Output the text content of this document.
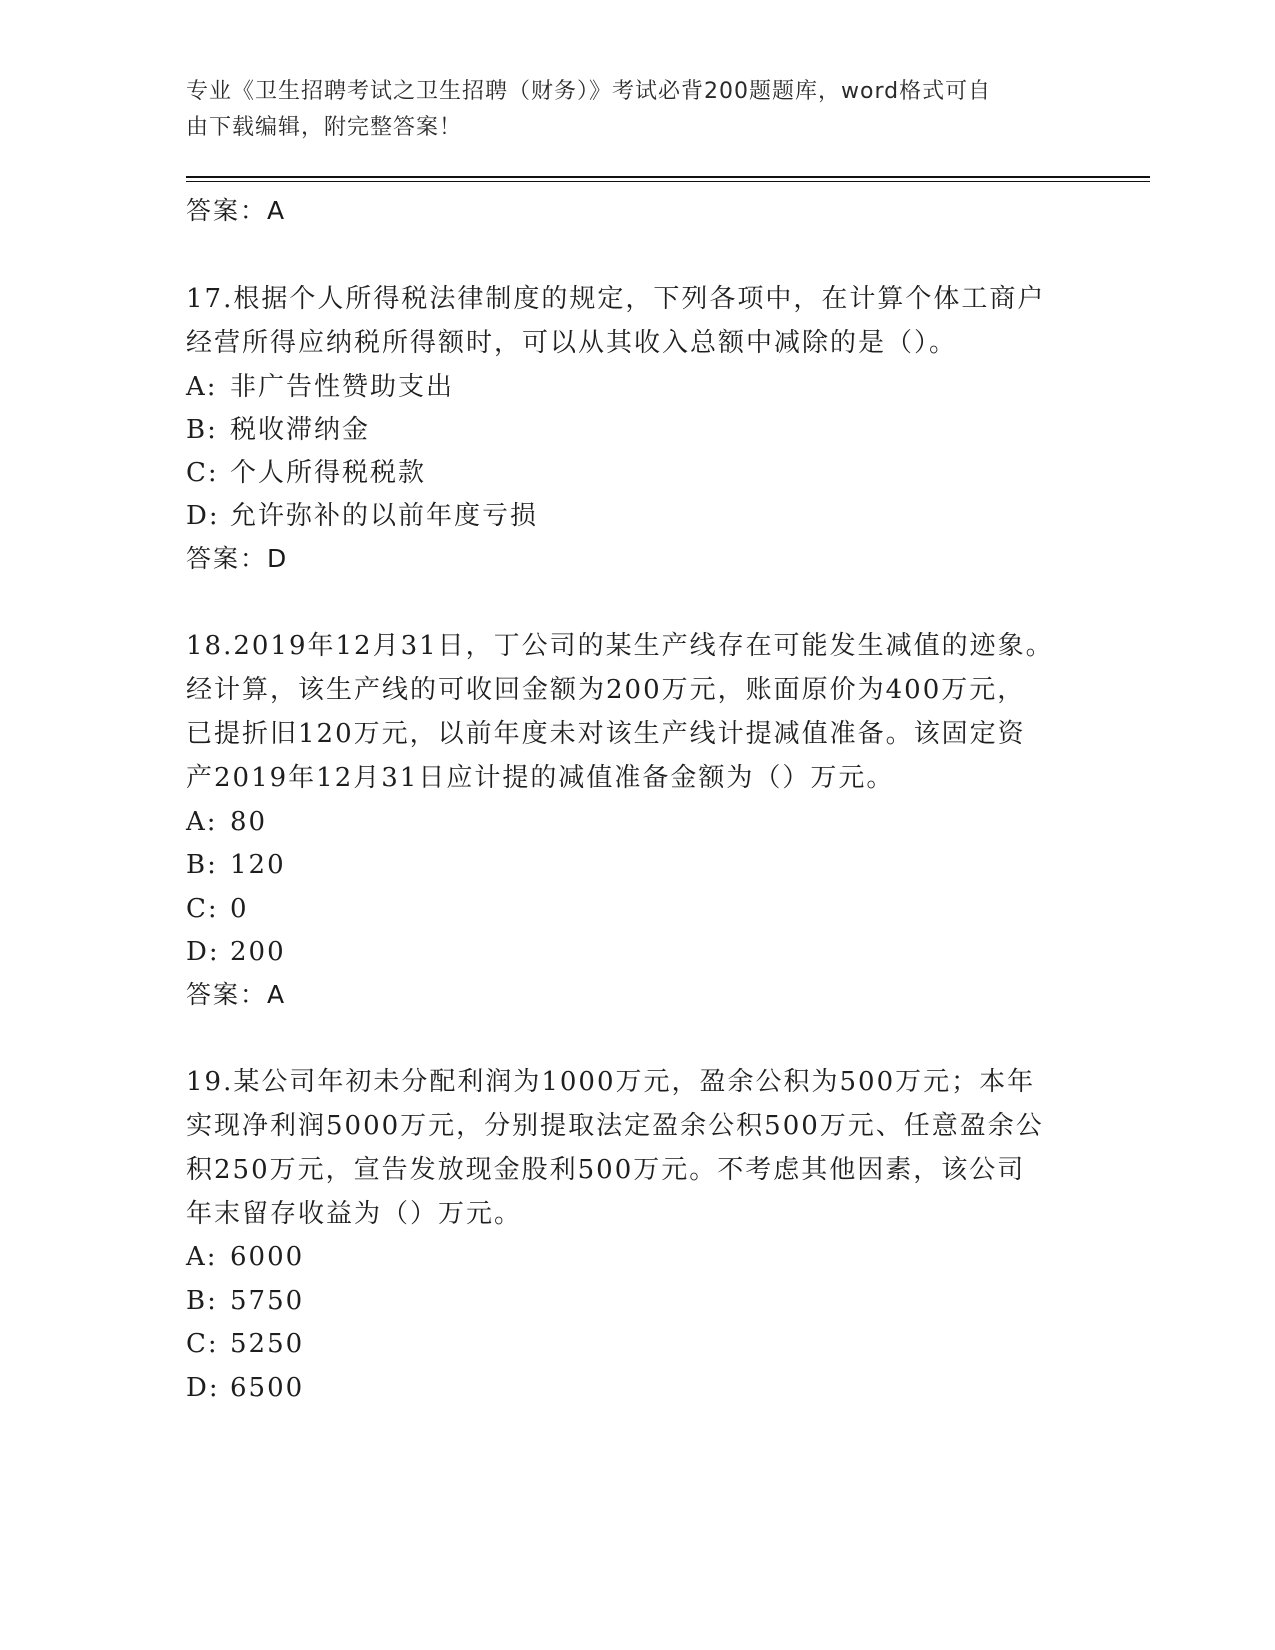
专业《卫生招聘考试之卫生招聘（财务）》考试必背200题题库，word格式可自
由下载编辑，附完整答案！
答案：A
17.根据个人所得税法律制度的规定，下列各项中，在计算个体工商户
经营所得应纳税所得额时，可以从其收入总额中减除的是（）。
A: 非广告性赞助支出
B: 税收滞纳金
C: 个人所得税税款
D: 允许弥补的以前年度亏损
答案：D
18.2019年12月31日，丁公司的某生产线存在可能发生减值的迹象。
经计算，该生产线的可收回金额为200万元，账面原价为400万元，
已提折旧120万元，以前年度未对该生产线计提减值准备。该固定资
产2019年12月31日应计提的减值准备金额为（）万元。
A: 80
B: 120
C: 0
D: 200
答案：A
19.某公司年初未分配利润为1000万元，盈余公积为500万元；本年
实现净利润5000万元，分别提取法定盈余公积500万元、任意盈余公
积250万元，宣告发放现金股利500万元。不考虑其他因素，该公司
年末留存收益为（）万元。
A: 6000
B: 5750
C: 5250
D: 6500
